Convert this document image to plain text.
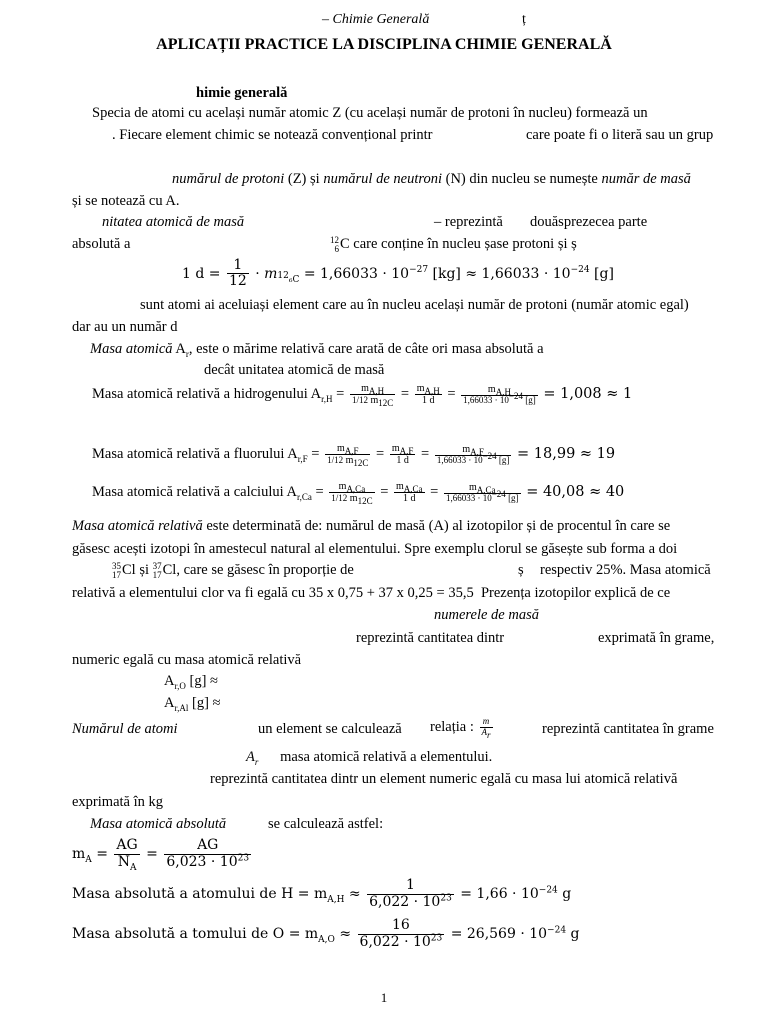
– Chimie Generală	ț
APLICAȚII PRACTICE LA DISCIPLINA CHIMIE GENERALĂ
himie generală
Specia de atomi cu același număr atomic Z (cu același număr de protoni în nucleu) formează un
. Fiecare element chimic se notează convențional printr	care poate fi o literă sau un grup
numărul de protoni (Z) și numărul de neutroni (N) din nucleu se numește număr de masă
și se notează cu A.
nitatea atomică de masă	– reprezintă douăsprezecea parte
absolută a	12
6 C care conține în nucleu șase protoni și ș
1 $d = \frac{1}{12} \cdot m_{^{12}_6C} = 1,66033 \cdot 10^{-27}$ $[kg] \approx 1,66033 \cdot 10^{-24}$ [g]
sunt atomi ai aceluiași element care au în nucleu același număr de protoni (număr atomic egal)
dar au un număr d
Masa atomică $A_r$, este o mărime relativă care arată de câte ori masa absolută a
decât unitatea atomică de masă
Masa atomică relativă a hidrogenului $A_{r,H} = \frac{m_{A,H}}{1/12 m_{12C}} = \frac{m_{A,H}}{1 d} = \frac{m_{A,H}}{1,66033 \cdot 10^{-24} [g]} = 1,008 \approx 1$
Masa atomică relativă a fluorului $A_{r,F} = \frac{m_{A,F}}{1/12 m_{12C}} = \frac{m_{A,F}}{1 d} = \frac{m_{A,F}}{1,66033 \cdot 10^{-24} [g]} = 18,99 \approx 19$
Masa atomică relativă a calciului $A_{r,Ca} = \frac{m_{A,Ca}}{1/12 m_{12C}} = \frac{m_{A,Ca}}{1 d} = \frac{m_{A,Ca}}{1,66033 \cdot 10^{-24} [g]} = 40,08 \approx 40$
Masa atomică relativă este determinată de: numărul de masă (A) al izotopilor și de procentul în care se
găsesc acești izotopi în amestecul natural al elementului. Spre exemplu clorul se găsește sub forma a doi
35
17 Cl și 37
17 Cl, care se găsesc în proporție de	ș respectiv 25%. Masa atomică
relativă a elementului clor va fi egală cu 35 x 0,75 + 37 x 0,25 = 35,5 Prezența izotopilor explică de ce
numerele de masă
reprezintă cantitatea dintr	exprimată în grame,
numeric egală cu masa atomică relativă
$A_{r,O}$ [g] ≈
$A_{r,Al}$ [g] ≈
Numărul de atomi	un element se calculează relația : $\frac{m}{A_r}$	reprezintă cantitatea în grame
$A_r$ masa atomică relativă a elementului.
reprezintă cantitatea dintr un element numeric egală cu masa lui atomică relativă
exprimată în kg
Masa atomică absolută	se calculează astfel:
$m_A = \frac{AG}{N_A} = \frac{AG}{6,023 \cdot 10^{23}}$
Masa absolută a atomului de $H = m_{A,H} \approx \frac{1}{6,022 \cdot 10^{23}} = 1,66 \cdot 10^{-24}$ g
Masa absolută a tomului de $O = m_{A,O} \approx \frac{16}{6,022 \cdot 10^{23}} = 26,569 \cdot 10^{-24}$ g
1
